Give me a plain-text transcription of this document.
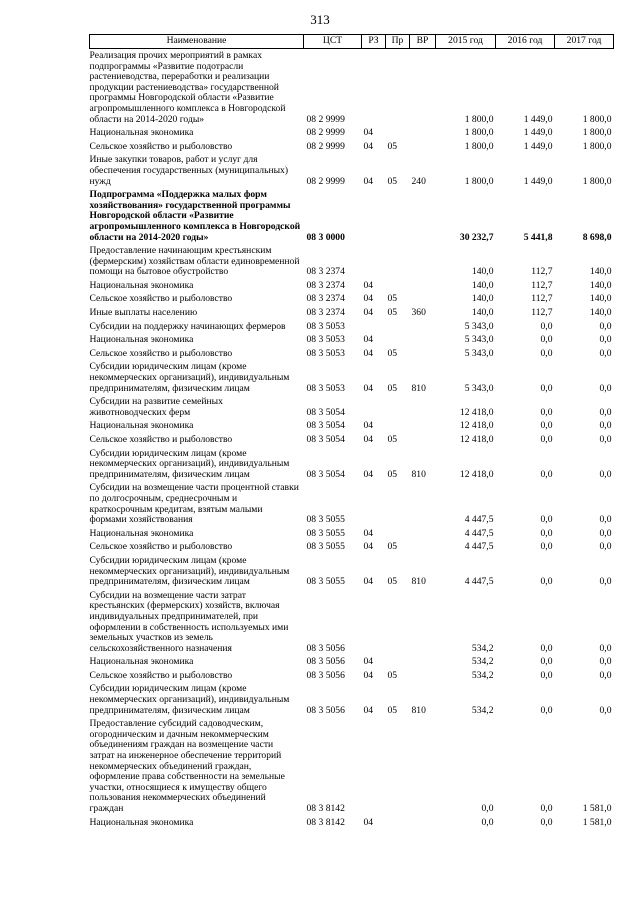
313
Наименование	ЦСТ	РЗ	Пр	ВР	2015 год	2016 год	2017 год
Реализация прочих мероприятий в рамках подпрограммы «Развитие подотрасли растениеводства, переработки и реализации продукции растениеводства» государственной программы Новгородской области «Развитие агропромышленного комплекса в Новгородской области на 2014-2020 годы»	08 2 9999				1 800,0	1 449,0	1 800,0
Национальная экономика	08 2 9999	04			1 800,0	1 449,0	1 800,0
Сельское хозяйство и рыболовство	08 2 9999	04	05		1 800,0	1 449,0	1 800,0
Иные закупки товаров, работ и услуг для обеспечения государственных (муниципальных) нужд	08 2 9999	04	05	240	1 800,0	1 449,0	1 800,0
Подпрограмма «Поддержка малых форм хозяйствования» государственной программы Новгородской области «Развитие агропромышленного комплекса в Новгородской области на 2014-2020 годы»	08 3 0000				30 232,7	5 441,8	8 698,0
Предоставление начинающим крестьянским (фермерским) хозяйствам области единовременной помощи на бытовое обустройство	08 3 2374				140,0	112,7	140,0
Национальная экономика	08 3 2374	04			140,0	112,7	140,0
Сельское хозяйство и рыболовство	08 3 2374	04	05		140,0	112,7	140,0
Иные выплаты населению	08 3 2374	04	05	360	140,0	112,7	140,0
Субсидии на поддержку начинающих фермеров	08 3 5053				5 343,0	0,0	0,0
Национальная экономика	08 3 5053	04			5 343,0	0,0	0,0
Сельское хозяйство и рыболовство	08 3 5053	04	05		5 343,0	0,0	0,0
Субсидии юридическим лицам (кроме некоммерческих организаций), индивидуальным предпринимателям, физическим лицам	08 3 5053	04	05	810	5 343,0	0,0	0,0
Субсидии на развитие семейных животноводческих ферм	08 3 5054				12 418,0	0,0	0,0
Национальная экономика	08 3 5054	04			12 418,0	0,0	0,0
Сельское хозяйство и рыболовство	08 3 5054	04	05		12 418,0	0,0	0,0
Субсидии юридическим лицам (кроме некоммерческих организаций), индивидуальным предпринимателям, физическим лицам	08 3 5054	04	05	810	12 418,0	0,0	0,0
Субсидии на возмещение части процентной ставки по долгосрочным, среднесрочным и краткосрочным кредитам, взятым малыми формами хозяйствования	08 3 5055				4 447,5	0,0	0,0
Национальная экономика	08 3 5055	04			4 447,5	0,0	0,0
Сельское хозяйство и рыболовство	08 3 5055	04	05		4 447,5	0,0	0,0
Субсидии юридическим лицам (кроме некоммерческих организаций), индивидуальным предпринимателям, физическим лицам	08 3 5055	04	05	810	4 447,5	0,0	0,0
Субсидии на возмещение части затрат крестьянских (фермерских) хозяйств, включая индивидуальных предпринимателей, при оформлении в собственность используемых ими земельных участков из земель сельскохозяйственного назначения	08 3 5056				534,2	0,0	0,0
Национальная экономика	08 3 5056	04			534,2	0,0	0,0
Сельское хозяйство и рыболовство	08 3 5056	04	05		534,2	0,0	0,0
Субсидии юридическим лицам (кроме некоммерческих организаций), индивидуальным предпринимателям, физическим лицам	08 3 5056	04	05	810	534,2	0,0	0,0
Предоставление субсидий садоводческим, огородническим и дачным некоммерческим объединениям граждан на возмещение части затрат на инженерное обеспечение территорий некоммерческих объединений граждан, оформление права собственности на земельные участки, относящиеся к имуществу общего пользования некоммерческих объединений граждан	08 3 8142				0,0	0,0	1 581,0
Национальная экономика	08 3 8142	04			0,0	0,0	1 581,0
